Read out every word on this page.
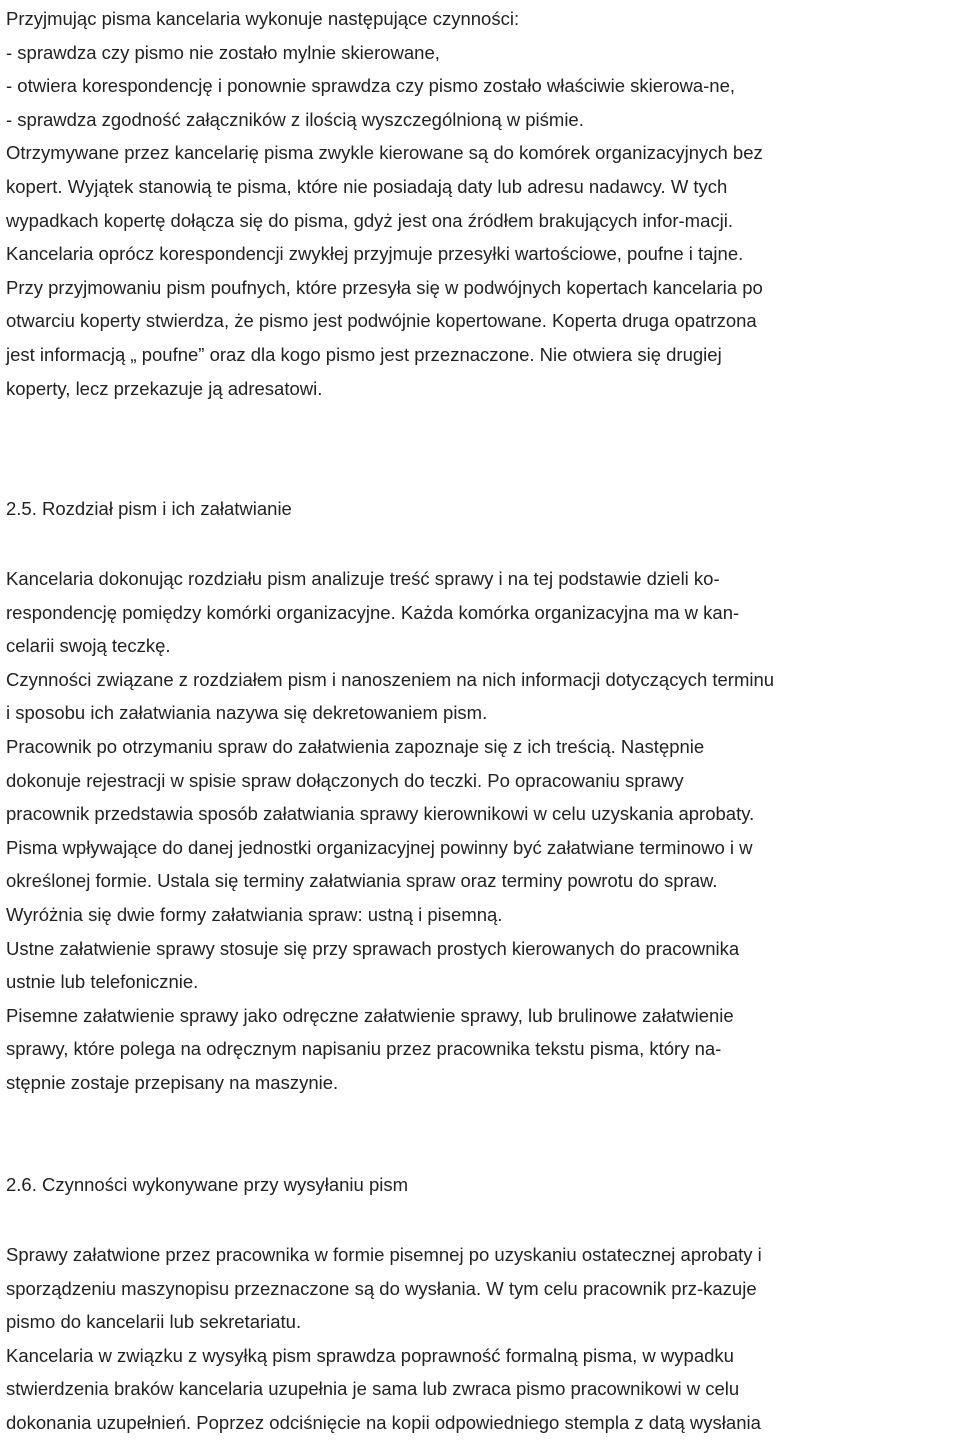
Przyjmując pisma kancelaria wykonuje następujące czynności:
- sprawdza czy pismo nie zostało mylnie skierowane,
- otwiera korespondencję i ponownie sprawdza czy pismo zostało właściwie skierowa-ne,
- sprawdza zgodność załączników z ilością wyszczególnioną w piśmie.
Otrzymywane przez kancelarię pisma zwykle kierowane są do komórek organizacyjnych bez
kopert. Wyjątek stanowią te pisma, które nie posiadają daty lub adresu nadawcy. W tych
wypadkach kopertę dołącza się do pisma, gdyż jest ona źródłem brakujących infor-macji.
Kancelaria oprócz korespondencji zwykłej przyjmuje przesyłki wartościowe, poufne i tajne.
Przy przyjmowaniu pism poufnych, które przesyła się w podwójnych kopertach kancelaria po
otwarciu koperty stwierdza, że pismo jest podwójnie kopertowane. Koperta druga opatrzona
jest informacją „ poufne” oraz dla kogo pismo jest przeznaczone. Nie otwiera się drugiej
koperty, lecz przekazuje ją adresatowi.
2.5. Rozdział pism i ich załatwianie
Kancelaria dokonując rozdziału pism analizuje treść sprawy i na tej podstawie dzieli ko-
respondencję pomiędzy komórki organizacyjne. Każda komórka organizacyjna ma w kan-
celarii swoją teczkę.
Czynności związane z rozdziałem pism i nanoszeniem na nich informacji dotyczących terminu
i sposobu ich załatwiania nazywa się dekretowaniem pism.
Pracownik po otrzymaniu spraw do załatwienia zapoznaje się z ich treścią. Następnie
dokonuje rejestracji w spisie spraw dołączonych do teczki. Po opracowaniu sprawy
pracownik przedstawia sposób załatwiania sprawy kierownikowi w celu uzyskania aprobaty.
Pisma wpływające do danej jednostki organizacyjnej powinny być załatwiane terminowo i w
określonej formie. Ustala się terminy załatwiania spraw oraz terminy powrotu do spraw.
Wyróżnia się dwie formy załatwiania spraw: ustną i pisemną.
Ustne załatwienie sprawy stosuje się przy sprawach prostych kierowanych do pracownika
ustnie lub telefonicznie.
Pisemne załatwienie sprawy jako odręczne załatwienie sprawy, lub brulinowe załatwienie
sprawy, które polega na odręcznym napisaniu przez pracownika tekstu pisma, który na-
stępnie zostaje przepisany na maszynie.
2.6. Czynności wykonywane przy wysyłaniu pism
Sprawy załatwione przez pracownika w formie pisemnej po uzyskaniu ostatecznej aprobaty i
sporządzeniu maszynopisu przeznaczone są do wysłania. W tym celu pracownik prz-kazuje
pismo do kancelarii lub sekretariatu.
Kancelaria w związku z wysyłką pism sprawdza poprawność formalną pisma, w wypadku
stwierdzenia braków kancelaria uzupełnia je sama lub zwraca pismo pracownikowi w celu
dokonania uzupełnień. Poprzez odciśnięcie na kopii odpowiedniego stempla z datą wysłania
